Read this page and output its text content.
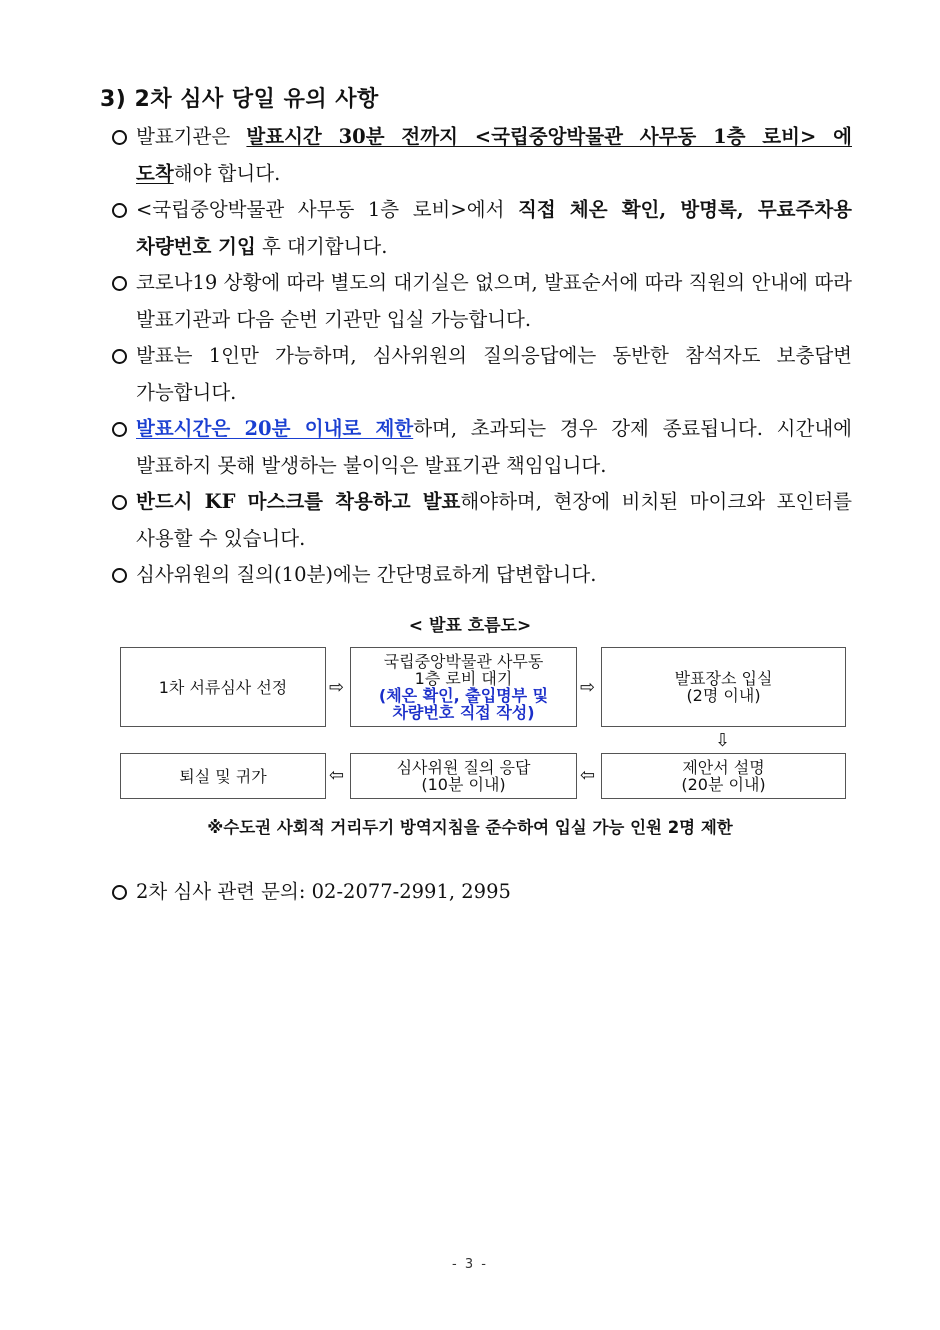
3) 2차 심사 당일 유의 사항
발표기관은 발표시간 30분 전까지 <국립중앙박물관 사무동 1층 로비> 에 도착해야 합니다.
<국립중앙박물관 사무동 1층 로비>에서 직접 체온 확인, 방명록, 무료주차용 차량번호 기입 후 대기합니다.
코로나19 상황에 따라 별도의 대기실은 없으며, 발표순서에 따라 직원의 안내에 따라 발표기관과 다음 순번 기관만 입실 가능합니다.
발표는 1인만 가능하며, 심사위원의 질의응답에는 동반한 참석자도 보충답변 가능합니다.
발표시간은 20분 이내로 제한하며, 초과되는 경우 강제 종료됩니다. 시간내에 발표하지 못해 발생하는 불이익은 발표기관 책임입니다.
반드시 KF 마스크를 착용하고 발표해야하며, 현장에 비치된 마이크와 포인터를 사용할 수 있습니다.
심사위원의 질의(10분)에는 간단명료하게 답변합니다.
< 발표 흐름도>
1차 서류심사 선정 ⇨
국립중앙박물관 사무동
1층 로비 대기
(체온 확인, 출입명부 및
차량번호 직접 작성)
⇨	발표장소 입실
(2명 이내)
⇩
퇴실 및 귀가	⇦	심사위원 질의 응답
(10분 이내)	⇦	제안서 설명
(20분 이내)
※수도권 사회적 거리두기 방역지침을 준수하여 입실 가능 인원 2명 제한
2차 심사 관련 문의: 02-2077-2991, 2995
- 3 -
